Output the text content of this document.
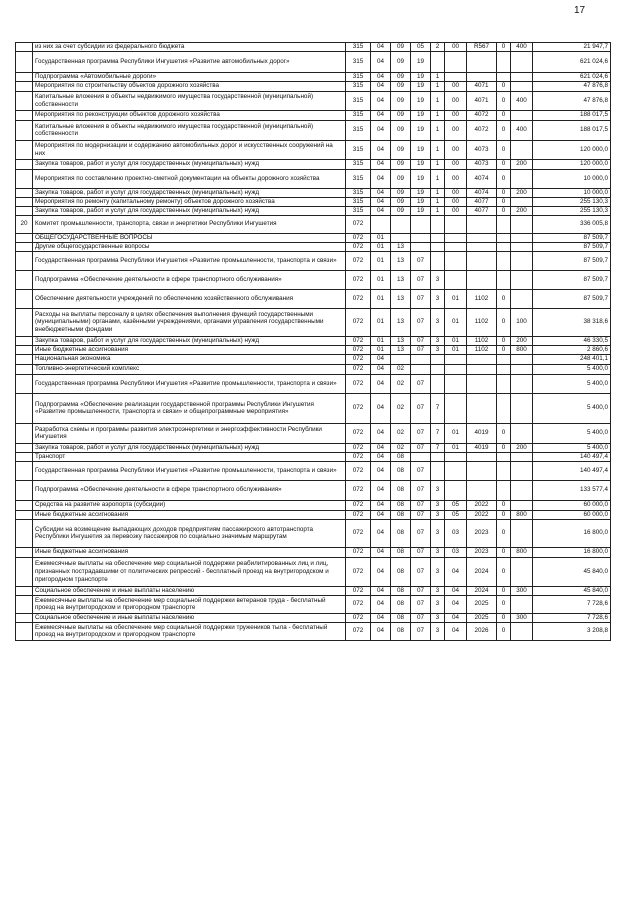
17
	из них за счет субсидии из федерального бюджета	315	04	09	05	2	00	R567	0	400	21 947,7
	Государственная программа Республики Ингушетия «Развитие автомобильных дорог»	315	04	09	19						621 024,6
	Подпрограмма «Автомобильные дороги»	315	04	09	19	1					621 024,6
	Мероприятия по строительству объектов дорожного хозяйства	315	04	09	19	1	00	4071	0		47 876,8
	Капитальные вложения в объекты недвижимого имущества государственной (муниципальной) собственности	315	04	09	19	1	00	4071	0	400	47 876,8
	Мероприятия по реконструкции объектов дорожного хозяйства	315	04	09	19	1	00	4072	0		188 017,5
	Капитальные вложения в объекты недвижимого имущества государственной (муниципальной) собственности	315	04	09	19	1	00	4072	0	400	188 017,5
	Мероприятия по модернизации и содержанию автомобильных дорог и искусственных сооружений на них	315	04	09	19	1	00	4073	0		120 000,0
	Закупка товаров, работ и услуг для государственных (муниципальных) нужд	315	04	09	19	1	00	4073	0	200	120 000,0
	Мероприятия по составлению проектно-сметной документации на объекты дорожного хозяйства	315	04	09	19	1	00	4074	0		10 000,0
	Закупка товаров, работ и услуг для государственных (муниципальных) нужд	315	04	09	19	1	00	4074	0	200	10 000,0
	Мероприятия по ремонту (капитальному ремонту) объектов дорожного хозяйства	315	04	09	19	1	00	4077	0		255 130,3
	Закупка товаров, работ и услуг для государственных (муниципальных) нужд	315	04	09	19	1	00	4077	0	200	255 130,3
20	Комитет промышленности, транспорта, связи и энергетики Республики Ингушетия	072									336 005,8
	ОБЩЕГОСУДАРСТВЕННЫЕ ВОПРОСЫ	072	01								87 509,7
	Другие общегосударственные вопросы	072	01	13							87 509,7
	Государственная программа Республики Ингушетия «Развитие промышленности, транспорта и связи»	072	01	13	07						87 509,7
	Подпрограмма «Обеспечение деятельности в сфере транспортного обслуживания»	072	01	13	07	3					87 509,7
	Обеспечение деятельности учреждений по обеспечению хозяйственного обслуживания	072	01	13	07	3	01	1102	0		87 509,7
	Расходы на выплаты персоналу в целях обеспечения выполнения функций государственными (муниципальными) органами, казёнными учреждениями, органами управления государственными внебюджетными фондами	072	01	13	07	3	01	1102	0	100	38 318,6
	Закупка товаров, работ и услуг для государственных (муниципальных) нужд	072	01	13	07	3	01	1102	0	200	46 330,5
	Иные бюджетные ассигнования	072	01	13	07	3	01	1102	0	800	2 860,6
	Национальная экономика	072	04								248 401,1
	Топливно-энергетический комплекс	072	04	02							5 400,0
	Государственная программа Республики Ингушетия «Развитие промышленности, транспорта и связи»	072	04	02	07						5 400,0
	Подпрограмма «Обеспечение реализации государственной программы Республики Ингушетия «Развитие промышленности, транспорта и связи» и общепрограммные мероприятия»	072	04	02	07	7					5 400,0
	Разработка схемы и программы развития электроэнергетики и энергоэффективности Республики Ингушетия	072	04	02	07	7	01	4019	0		5 400,0
	Закупка товаров, работ и услуг для государственных (муниципальных) нужд	072	04	02	07	7	01	4019	0	200	5 400,0
	Транспорт	072	04	08							140 497,4
	Государственная программа Республики Ингушетия «Развитие промышленности, транспорта и связи»	072	04	08	07						140 497,4
	Подпрограмма «Обеспечение деятельности в сфере транспортного обслуживания»	072	04	08	07	3					133 577,4
	Средства на развитие аэропорта (субсидии)	072	04	08	07	3	05	2022	0		60 000,0
	Иные бюджетные ассигнования	072	04	08	07	3	05	2022	0	800	60 000,0
	Субсидии на возмещение выпадающих доходов предприятиям пассажирского автотранспорта Республики Ингушетия за перевозку пассажиров по социально значимым маршрутам	072	04	08	07	3	03	2023	0		16 800,0
	Иные бюджетные ассигнования	072	04	08	07	3	03	2023	0	800	16 800,0
	Ежемесячные выплаты на обеспечение мер социальной поддержки реабилитированных лиц и лиц, признанных пострадавшими от политических репрессий - бесплатный проезд на внутригородском и пригородном транспорте	072	04	08	07	3	04	2024	0		45 840,0
	Социальное обеспечение и иные выплаты населению	072	04	08	07	3	04	2024	0	300	45 840,0
	Ежемесячные выплаты на обеспечение мер социальной поддержки ветеранов труда - бесплатный проезд на внутригородском и пригородном транспорте	072	04	08	07	3	04	2025	0		7 728,6
	Социальное обеспечение и иные выплаты населению	072	04	08	07	3	04	2025	0	300	7 728,6
	Ежемесячные выплаты на обеспечение мер социальной поддержки тружеников тыла - бесплатный проезд на внутригородском и пригородном транспорте	072	04	08	07	3	04	2026	0		3 208,8
